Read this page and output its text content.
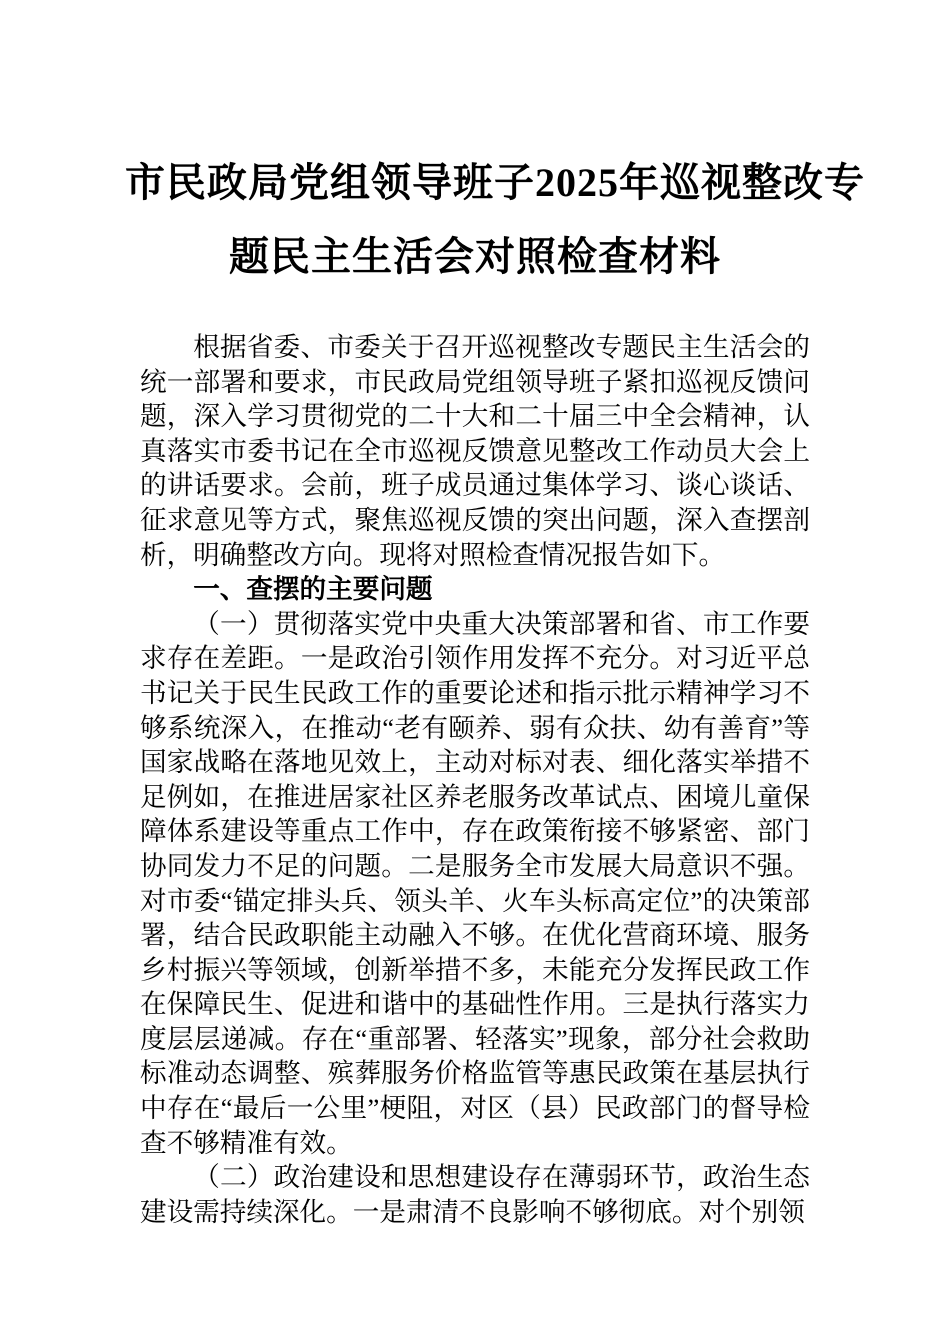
市民政局党组领导班子2025年巡视整改专
题民主生活会对照检查材料

根据省委、市委关于召开巡视整改专题民主生活会的统一部署和要求，市民政局党组领导班子紧扣巡视反馈问题，深入学习贯彻党的二十大和二十届三中全会精神，认真落实市委书记在全市巡视反馈意见整改工作动员大会上的讲话要求。会前，班子成员通过集体学习、谈心谈话、征求意见等方式，聚焦巡视反馈的突出问题，深入查摆剖析，明确整改方向。现将对照检查情况报告如下。

一、查摆的主要问题

（一）贯彻落实党中央重大决策部署和省、市工作要求存在差距。一是政治引领作用发挥不充分。对习近平总书记关于民生民政工作的重要论述和指示批示精神学习不够系统深入，在推动“老有颐养、弱有众扶、幼有善育”等国家战略在落地见效上，主动对标对表、细化落实举措不足例如，在推进居家社区养老服务改革试点、困境儿童保障体系建设等重点工作中，存在政策衔接不够紧密、部门协同发力不足的问题。二是服务全市发展大局意识不强。对市委“锚定排头兵、领头羊、火车头标高定位”的决策部署，结合民政职能主动融入不够。在优化营商环境、服务乡村振兴等领域，创新举措不多，未能充分发挥民政工作在保障民生、促进和谐中的基础性作用。三是执行落实力度层层递减。存在“重部署、轻落实”现象，部分社会救助标准动态调整、殡葬服务价格监管等惠民政策在基层执行中存在“最后一公里”梗阻，对区（县）民政部门的督导检查不够精准有效。

（二）政治建设和思想建设存在薄弱环节，政治生态建设需持续深化。一是肃清不良影响不够彻底。对个别领
